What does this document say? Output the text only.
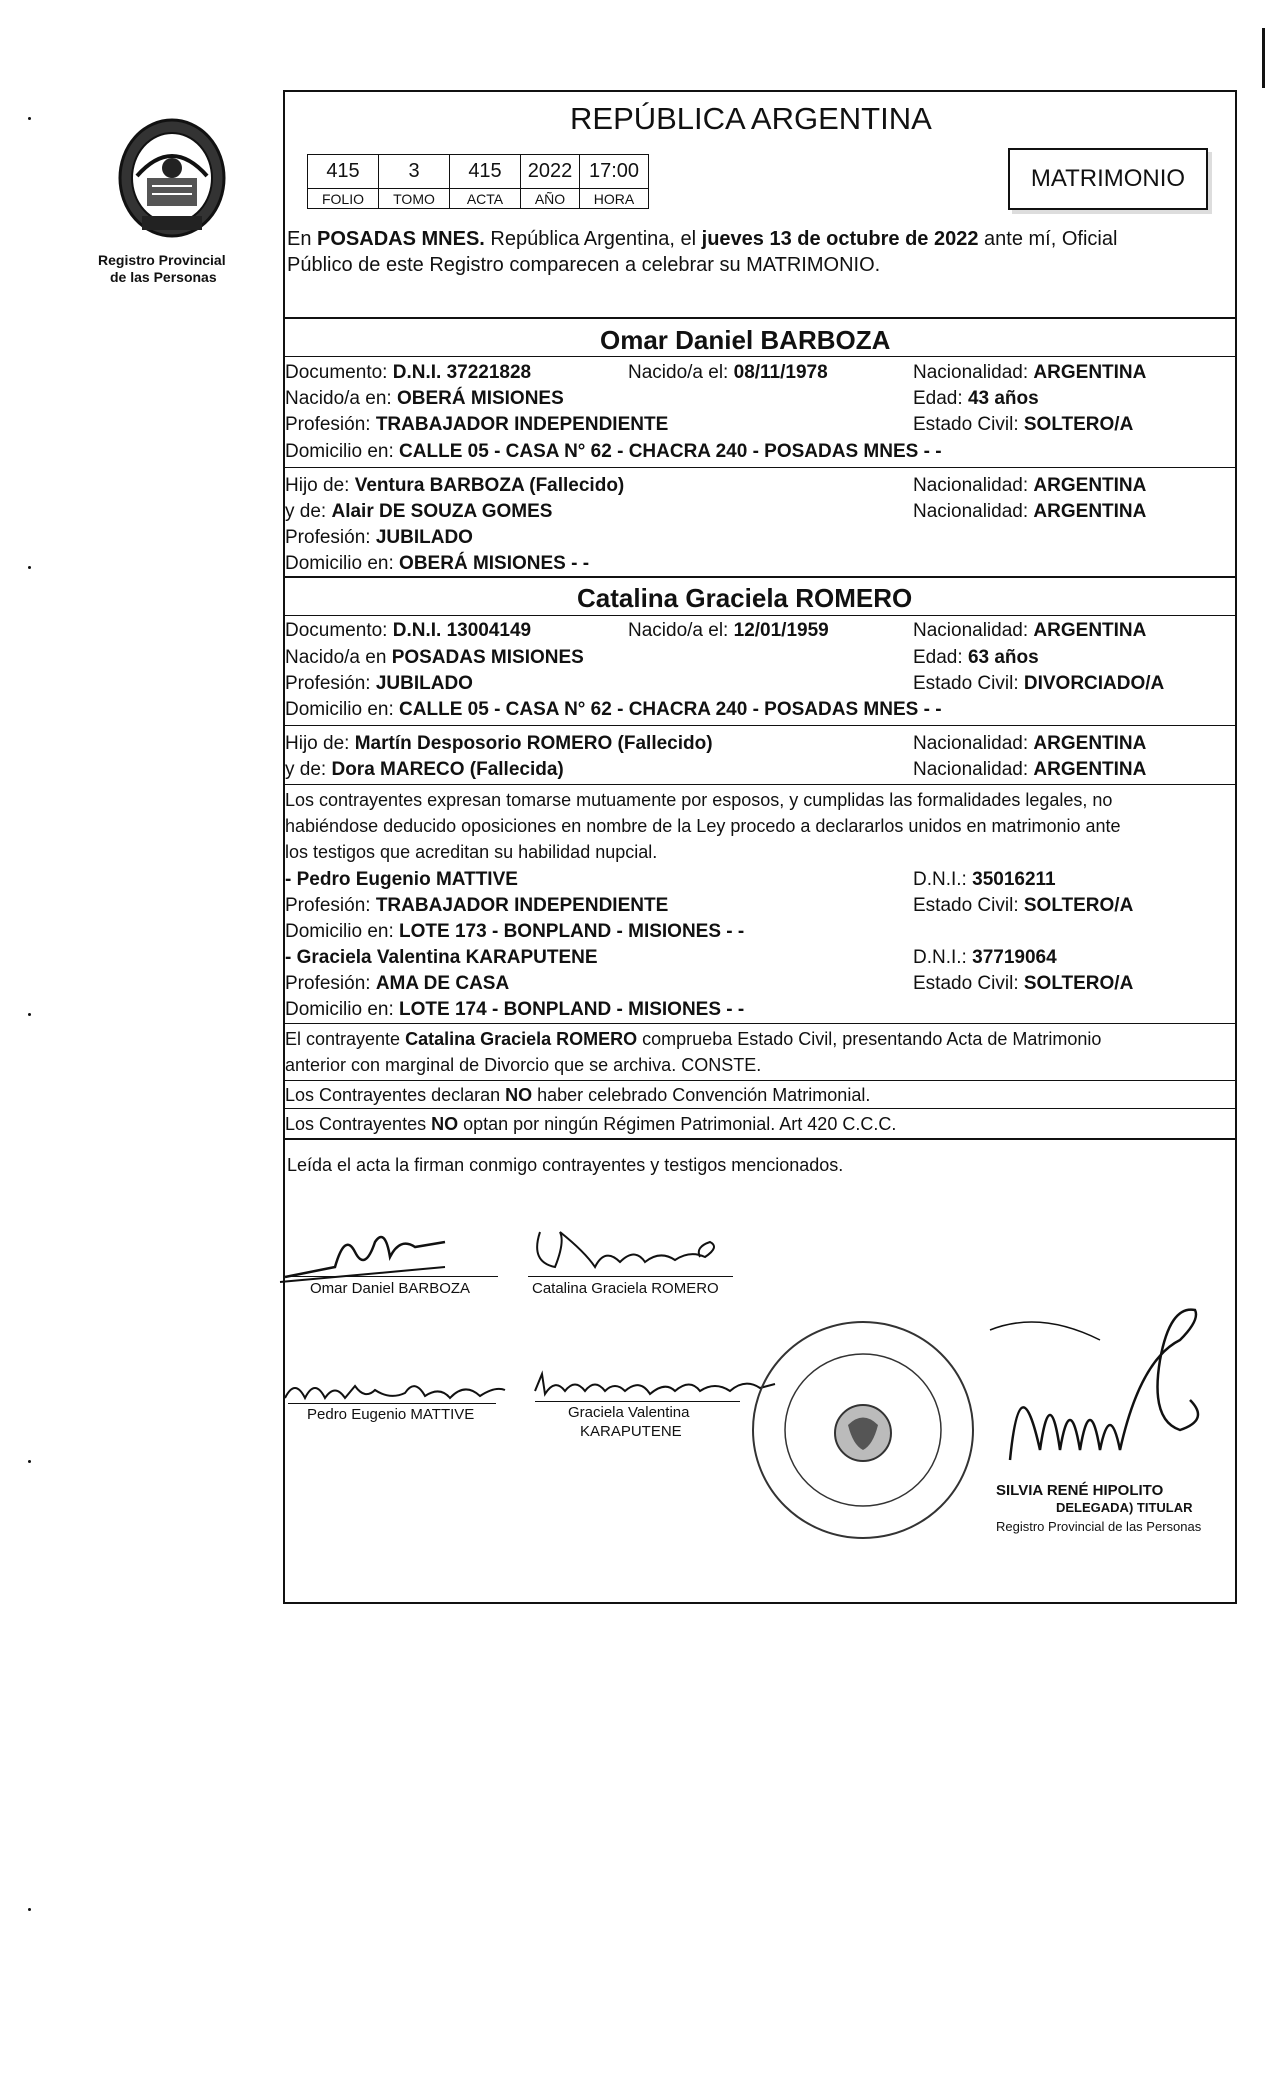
Registro Provincial
de las Personas
REPÚBLICA ARGENTINA
415	3	415	2022	17:00
FOLIO	TOMO	ACTA	AÑO	HORA
MATRIMONIO
En POSADAS MNES. República Argentina, el jueves 13 de octubre de 2022 ante mí, Oficial
Público de este Registro comparecen a celebrar su MATRIMONIO.
Omar Daniel BARBOZA
Documento: D.N.I. 37221828	Nacido/a el: 08/11/1978	Nacionalidad: ARGENTINA
Nacido/a en: OBERÁ MISIONES	Edad: 43 años
Profesión: TRABAJADOR INDEPENDIENTE	Estado Civil: SOLTERO/A
Domicilio en: CALLE 05 - CASA N° 62 - CHACRA 240 - POSADAS MNES - -
Hijo de: Ventura BARBOZA (Fallecido)	Nacionalidad: ARGENTINA
y de: Alair DE SOUZA GOMES	Nacionalidad: ARGENTINA
Profesión: JUBILADO
Domicilio en: OBERÁ MISIONES - -
Catalina Graciela ROMERO
Documento: D.N.I. 13004149	Nacido/a el: 12/01/1959	Nacionalidad: ARGENTINA
Nacido/a en POSADAS MISIONES	Edad: 63 años
Profesión: JUBILADO	Estado Civil: DIVORCIADO/A
Domicilio en: CALLE 05 - CASA N° 62 - CHACRA 240 - POSADAS MNES - -
Hijo de: Martín Desposorio ROMERO (Fallecido)	Nacionalidad: ARGENTINA
y de: Dora MARECO (Fallecida)	Nacionalidad: ARGENTINA
Los contrayentes expresan tomarse mutuamente por esposos, y cumplidas las formalidades legales, no
habiéndose deducido oposiciones en nombre de la Ley procedo a declararlos unidos en matrimonio ante
los testigos que acreditan su habilidad nupcial.
- Pedro Eugenio MATTIVE	D.N.I.: 35016211
Profesión: TRABAJADOR INDEPENDIENTE	Estado Civil: SOLTERO/A
Domicilio en: LOTE 173 - BONPLAND - MISIONES - -
- Graciela Valentina KARAPUTENE	D.N.I.: 37719064
Profesión: AMA DE CASA	Estado Civil: SOLTERO/A
Domicilio en: LOTE 174 - BONPLAND - MISIONES - -
El contrayente Catalina Graciela ROMERO comprueba Estado Civil, presentando Acta de Matrimonio
anterior con marginal de Divorcio que se archiva. CONSTE.
Los Contrayentes declaran NO haber celebrado Convención Matrimonial.
Los Contrayentes NO optan por ningún Régimen Patrimonial. Art 420 C.C.C.
Leída el acta la firman conmigo contrayentes y testigos mencionados.
Omar Daniel BARBOZA	Catalina Graciela ROMERO
Pedro Eugenio MATTIVE	Graciela Valentina
KARAPUTENE
SILVIA RENÉ HIPOLITO
DELEGADA) TITULAR
Registro Provincial de las Personas
